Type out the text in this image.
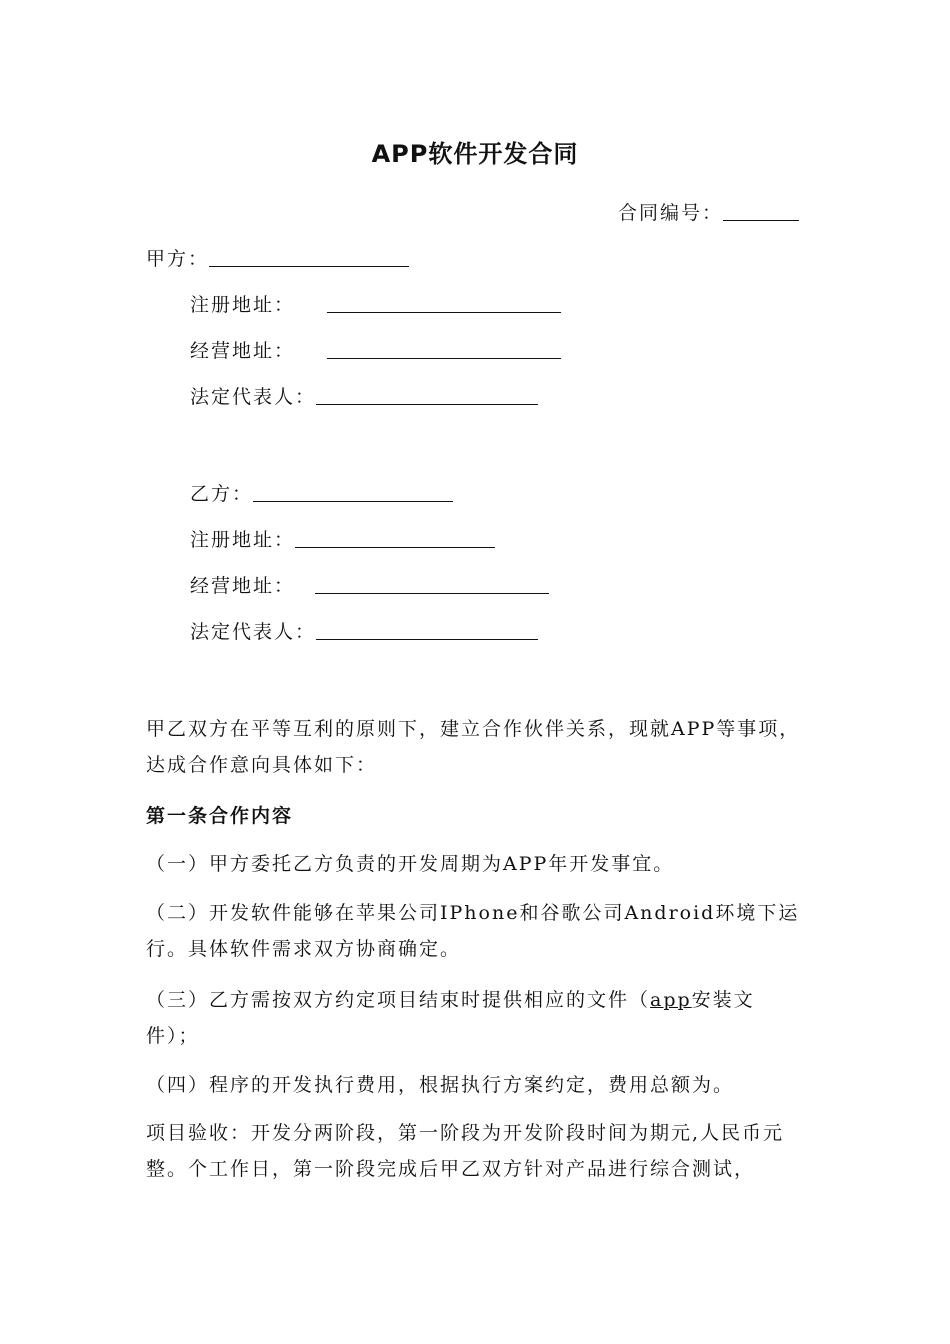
APP软件开发合同
合同编号：
甲方：
注册地址：
经营地址：
法定代表人：
乙方：
注册地址：
经营地址：
法定代表人：
甲乙双方在平等互利的原则下，建立合作伙伴关系，现就APP等事项，达成合作意向具体如下：
第一条合作内容
（一）甲方委托乙方负责的开发周期为APP年开发事宜。
（二）开发软件能够在苹果公司IPhone和谷歌公司Android环境下运行。具体软件需求双方协商确定。
（三）乙方需按双方约定项目结束时提供相应的文件（app安装文件）；
（四）程序的开发执行费用，根据执行方案约定，费用总额为。
项目验收：开发分两阶段，第一阶段为开发阶段时间为期元,人民币元整。个工作日，第一阶段完成后甲乙双方针对产品进行综合测试，
